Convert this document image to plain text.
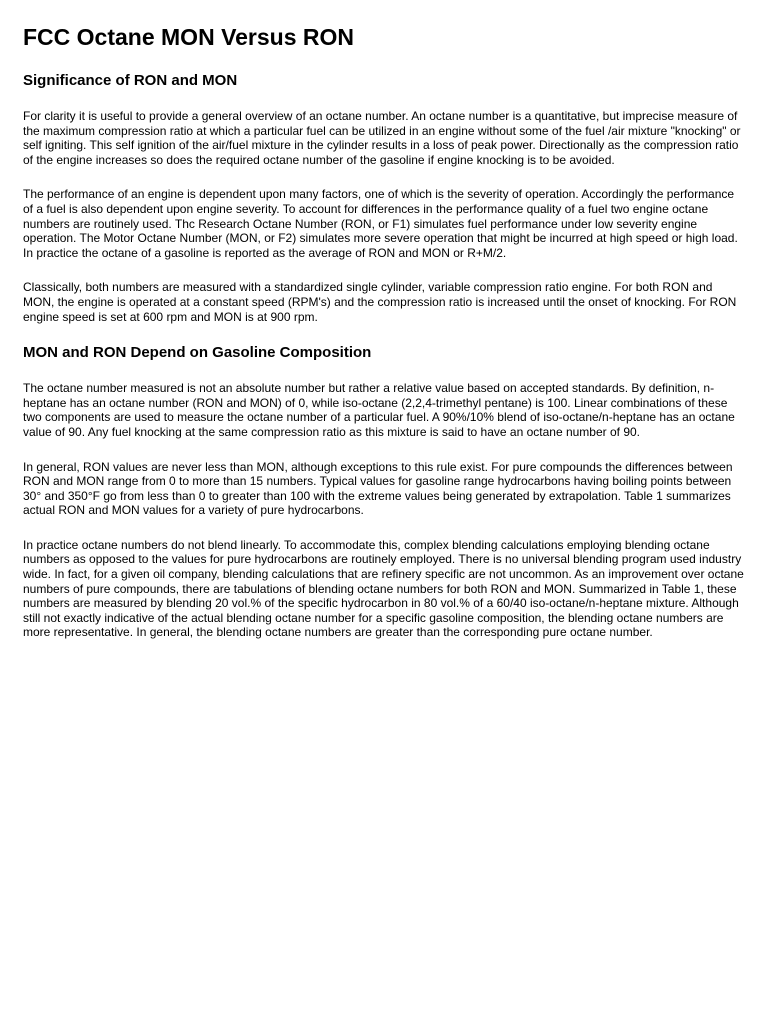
FCC Octane MON Versus RON
Significance of RON and MON

For clarity it is useful to provide a general overview of an octane number. An octane number is a quantitative, but imprecise measure of the maximum compression ratio at which a particular fuel can be utilized in an engine without some of the fuel /air mixture "knocking" or self igniting. This self ignition of the air/fuel mixture in the cylinder results in a loss of peak power. Directionally as the compression ratio of the engine increases so does the required octane number of the gasoline if engine knocking is to be avoided.

The performance of an engine is dependent upon many factors, one of which is the severity of operation. Accordingly the performance of a fuel is also dependent upon engine severity. To account for differences in the performance quality of a fuel two engine octane numbers are routinely used. Thc Research Octane Number (RON, or F1) simulates fuel performance under low severity engine operation. The Motor Octane Number (MON, or F2) simulates more severe operation that might be incurred at high speed or high load. In practice the octane of a gasoline is reported as the average of RON and MON or R+M/2.

Classically, both numbers are measured with a standardized single cylinder, variable compression ratio engine. For both RON and MON, the engine is operated at a constant speed (RPM's) and the compression ratio is increased until the onset of knocking. For RON engine speed is set at 600 rpm and MON is at 900 rpm.

MON and RON Depend on Gasoline Composition

The octane number measured is not an absolute number but rather a relative value based on accepted standards. By definition, n-heptane has an octane number (RON and MON) of 0, while iso-octane (2,2,4-trimethyl pentane) is 100. Linear combinations of these two components are used to measure the octane number of a particular fuel. A 90%/10% blend of iso-octane/n-heptane has an octane value of 90. Any fuel knocking at the same compression ratio as this mixture is said to have an octane number of 90.

In general, RON values are never less than MON, although exceptions to this rule exist. For pure compounds the differences between RON and MON range from 0 to more than 15 numbers. Typical values for gasoline range hydrocarbons having boiling points between 30° and 350°F go from less than 0 to greater than 100 with the extreme values being generated by extrapolation. Table 1 summarizes actual RON and MON values for a variety of pure hydrocarbons.

In practice octane numbers do not blend linearly. To accommodate this, complex blending calculations employing blending octane numbers as opposed to the values for pure hydrocarbons are routinely employed. There is no universal blending program used industry wide. In fact, for a given oil company, blending calculations that are refinery specific are not uncommon. As an improvement over octane numbers of pure compounds, there are tabulations of blending octane numbers for both RON and MON. Summarized in Table 1, these numbers are measured by blending 20 vol.% of the specific hydrocarbon in 80 vol.% of a 60/40 iso-octane/n-heptane mixture. Although still not exactly indicative of the actual blending octane number for a specific gasoline composition, the blending octane numbers are more representative. In general, the blending octane numbers are greater than the corresponding pure octane number.
